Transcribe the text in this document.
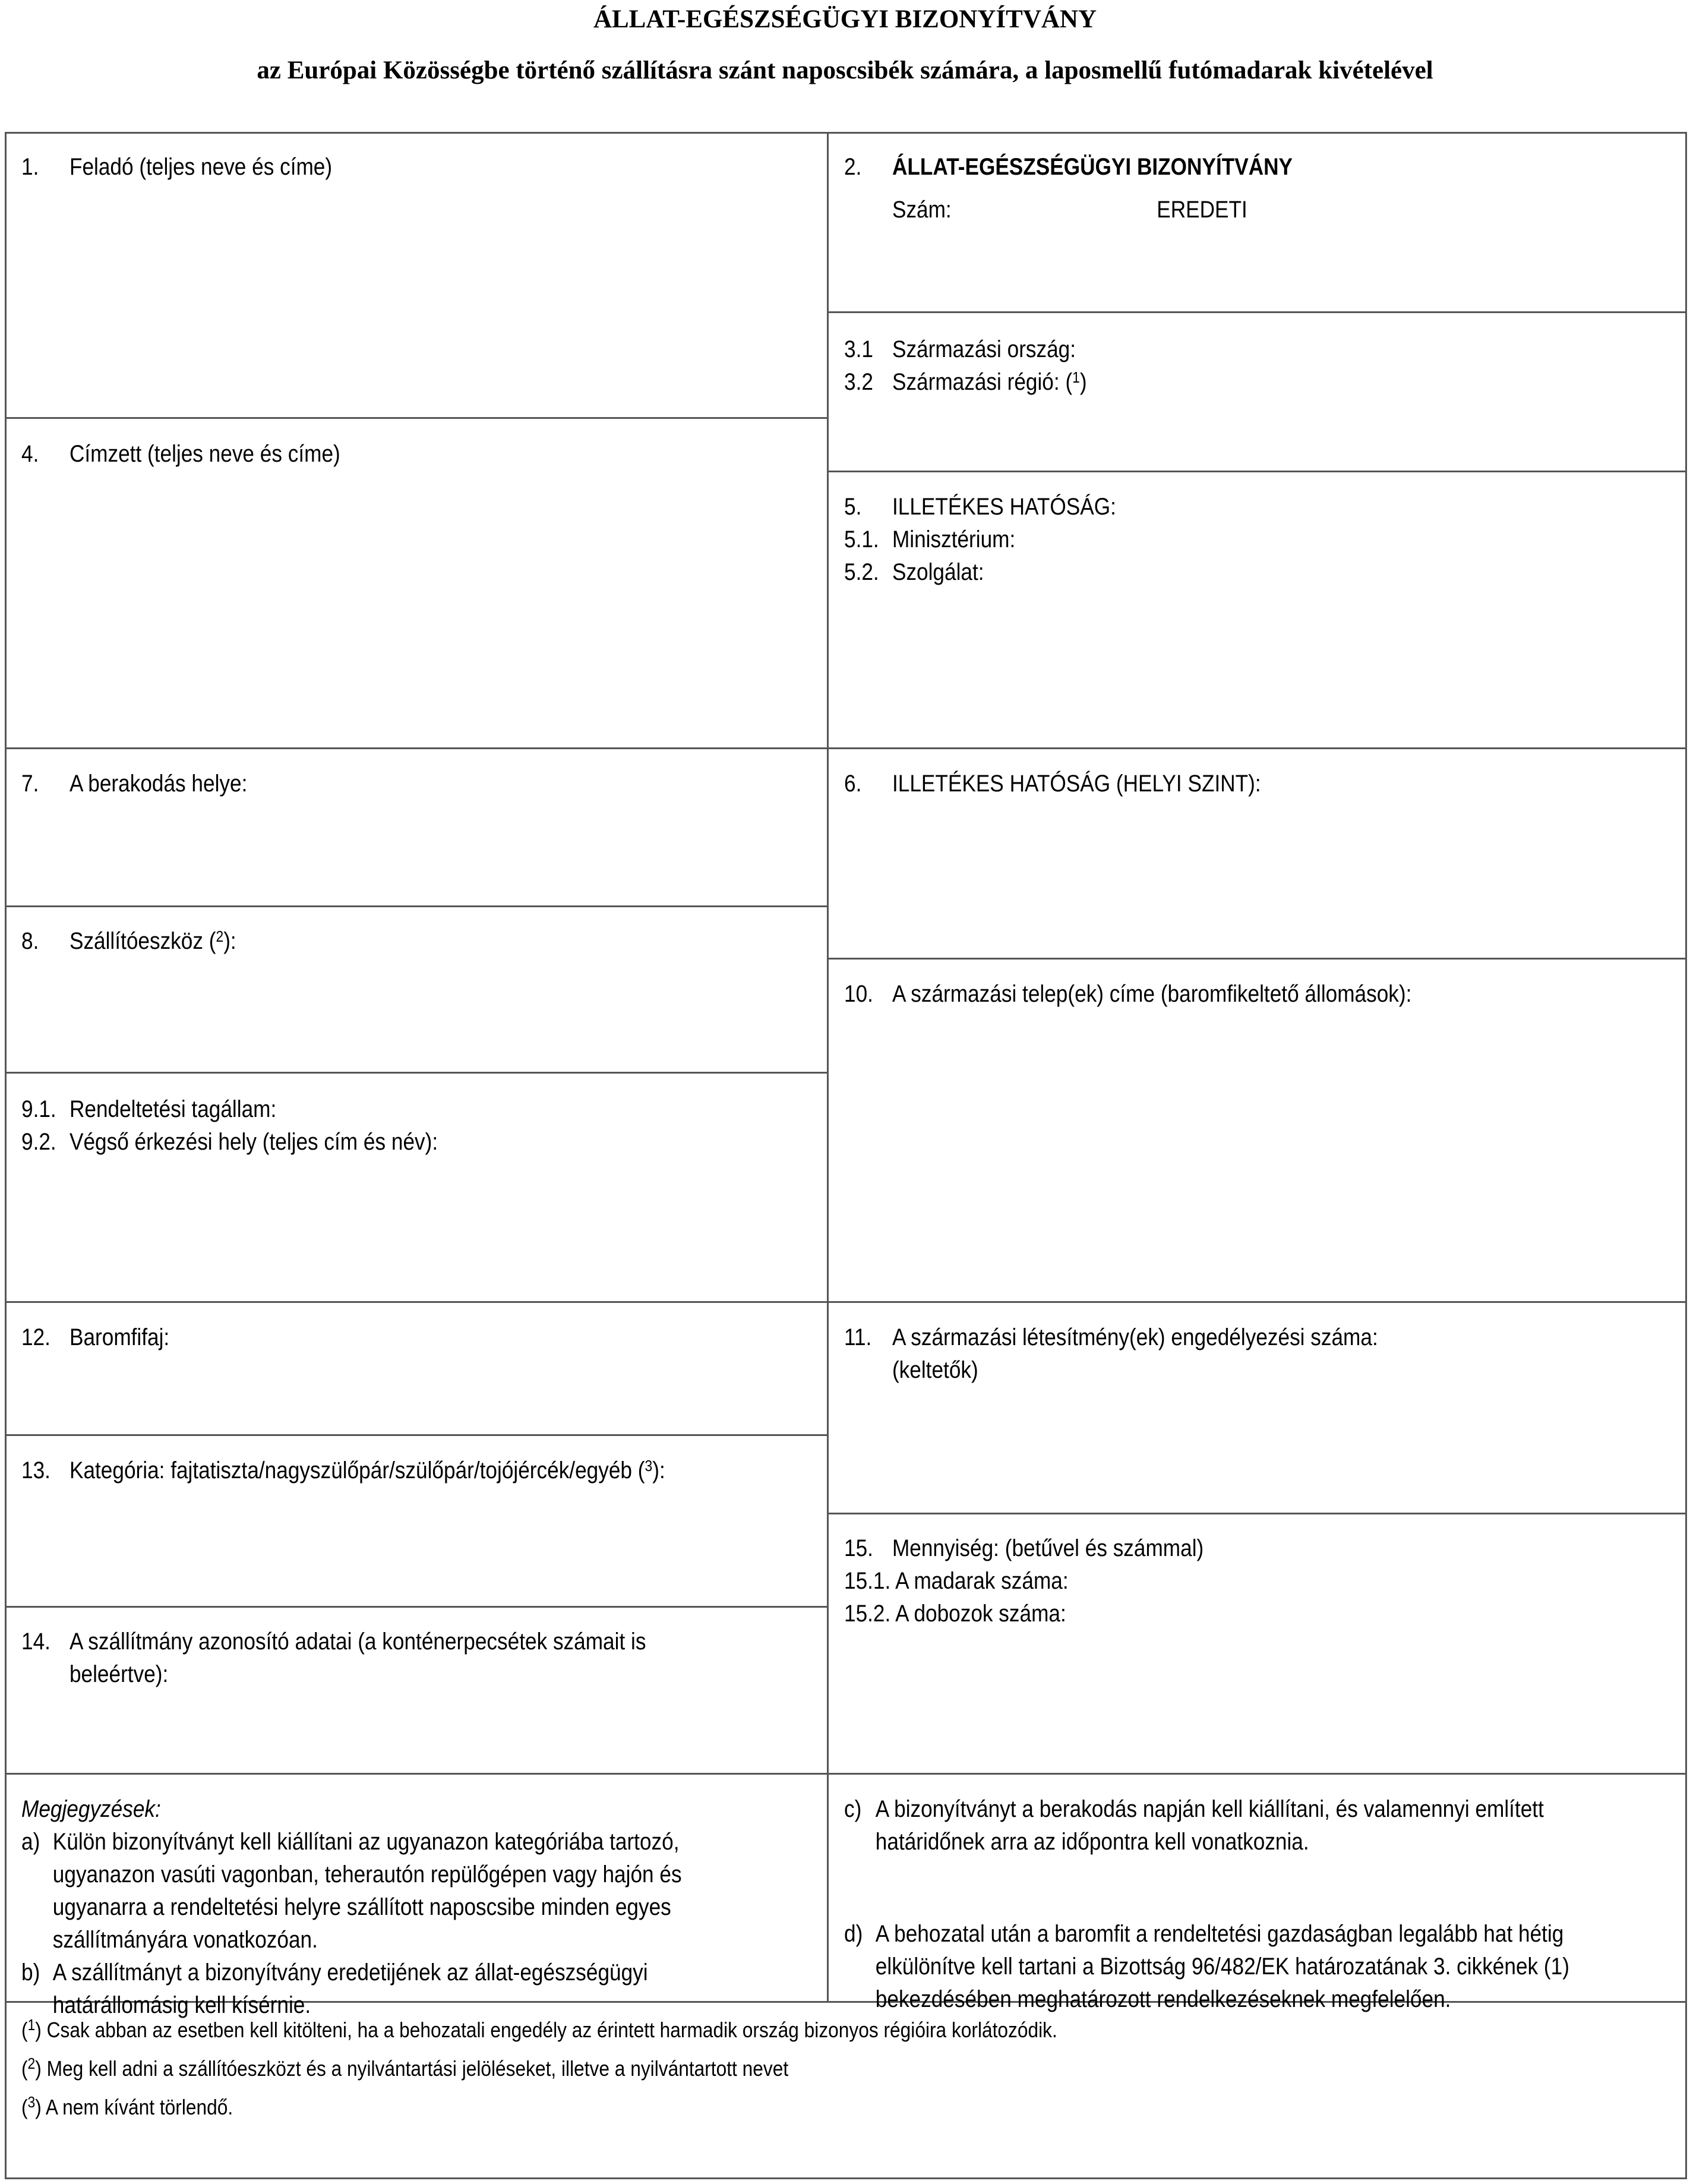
ÁLLAT-EGÉSZSÉGÜGYI BIZONYÍTVÁNY
az Európai Közösségbe történő szállításra szánt naposcsibék számára, a laposmellű futómadarak kivételével
1. Feladó (teljes neve és címe)	2. ÁLLAT-EGÉSZSÉGÜGYI BIZONYÍTVÁNY
Szám:	EREDETI
3.1 Származási ország:
3.2 Származási régió: ($^1$)
4. Címzett (teljes neve és címe)
5. ILLETÉKES HATÓSÁG:
5.1. Minisztérium:
5.2. Szolgálat:
7. A berakodás helye:	6. ILLETÉKES HATÓSÁG (HELYI SZINT):
8. Szállítóeszköz ($^2$):
10. A származási telep(ek) címe (baromfikeltető állomások):
9.1. Rendeltetési tagállam:
9.2. Végső érkezési hely (teljes cím és név):
12. Baromfifaj:	11. A származási létesítmény(ek) engedélyezési száma:
(keltetők)
13. Kategória: fajtatiszta/nagyszülőpár/szülőpár/tojójércék/egyéb ($^3$):
15. Mennyiség: (betűvel és számmal)
15.1. A madarak száma:
15.2. A dobozok száma:
14. A szállítmány azonosító adatai (a konténerpecsétek számait is
beleértve):
Megjegyzések:
a) Külön bizonyítványt kell kiállítani az ugyanazon kategóriába tartozó,
ugyanazon vasúti vagonban, teherautón repülőgépen vagy hajón és
ugyanarra a rendeltetési helyre szállított naposcsibe minden egyes
szállítmányára vonatkozóan.
b) A szállítmányt a bizonyítvány eredetijének az állat-egészségügyi
határállomásig kell kísérnie.
c) A bizonyítványt a berakodás napján kell kiállítani, és valamennyi említett
határidőnek arra az időpontra kell vonatkoznia.
d) A behozatal után a baromfit a rendeltetési gazdaságban legalább hat hétig
elkülönítve kell tartani a Bizottság 96/482/EK határozatának 3. cikkének (1)
bekezdésében meghatározott rendelkezéseknek megfelelően.
($^1$) Csak abban az esetben kell kitölteni, ha a behozatali engedély az érintett harmadik ország bizonyos régióira korlátozódik.
($^2$) Meg kell adni a szállítóeszközt és a nyilvántartási jelöléseket, illetve a nyilvántartott nevet
($^3$) A nem kívánt törlendő.
